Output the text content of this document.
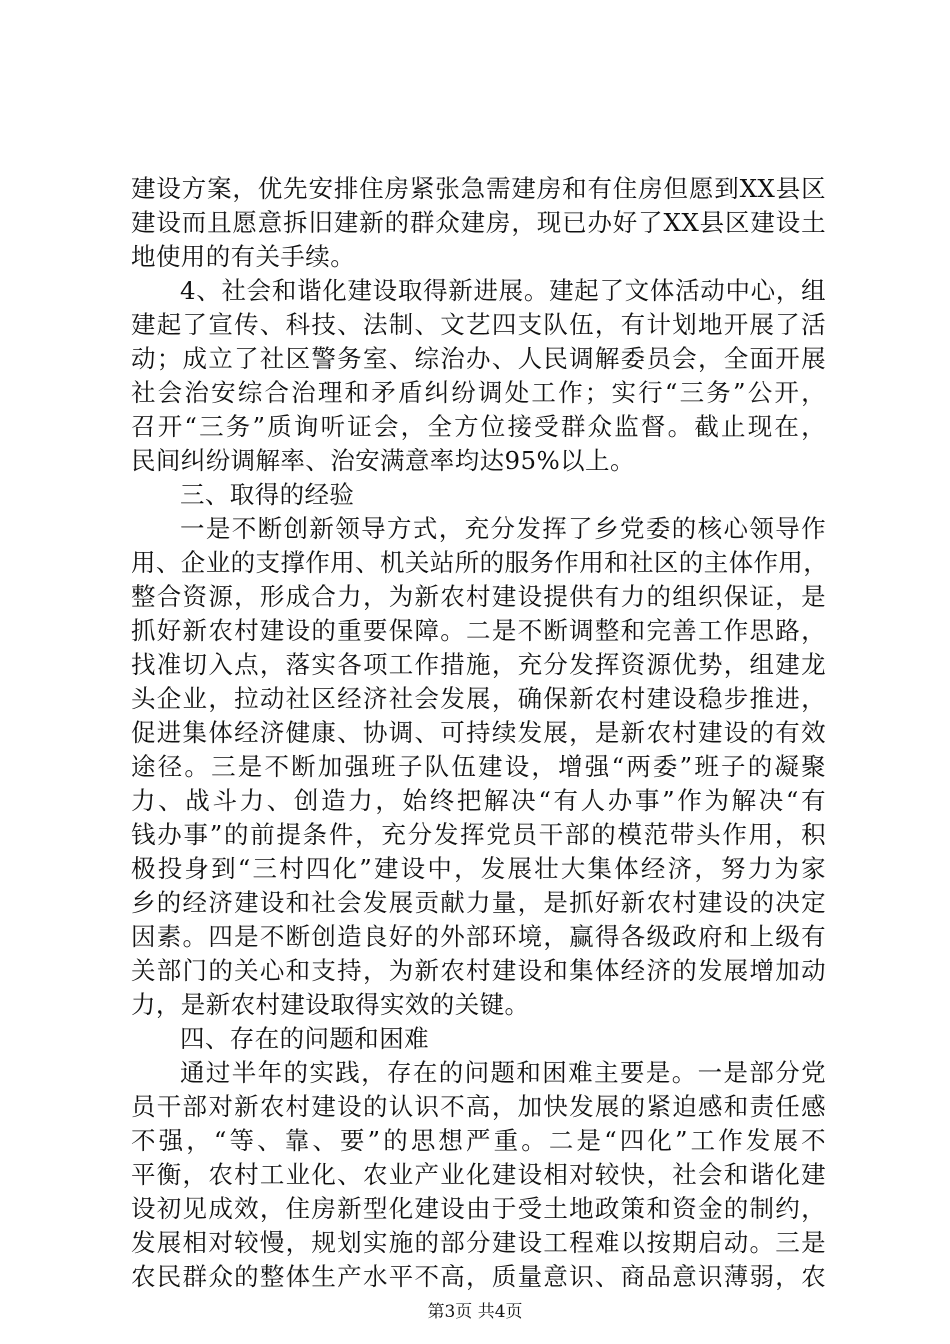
建设方案，优先安排住房紧张急需建房和有住房但愿到XX县区
建设而且愿意拆旧建新的群众建房，现已办好了XX县区建设土
地使用的有关手续。
4、社会和谐化建设取得新进展。建起了文体活动中心，组
建起了宣传、科技、法制、文艺四支队伍，有计划地开展了活
动；成立了社区警务室、综治办、人民调解委员会，全面开展
社会治安综合治理和矛盾纠纷调处工作；实行“三务”公开，
召开“三务”质询听证会，全方位接受群众监督。截止现在，
民间纠纷调解率、治安满意率均达95%以上。
三、取得的经验
一是不断创新领导方式，充分发挥了乡党委的核心领导作
用、企业的支撑作用、机关站所的服务作用和社区的主体作用，
整合资源，形成合力，为新农村建设提供有力的组织保证，是
抓好新农村建设的重要保障。二是不断调整和完善工作思路，
找准切入点，落实各项工作措施，充分发挥资源优势，组建龙
头企业，拉动社区经济社会发展，确保新农村建设稳步推进，
促进集体经济健康、协调、可持续发展，是新农村建设的有效
途径。三是不断加强班子队伍建设，增强“两委”班子的凝聚
力、战斗力、创造力，始终把解决“有人办事”作为解决“有
钱办事”的前提条件，充分发挥党员干部的模范带头作用，积
极投身到“三村四化”建设中，发展壮大集体经济，努力为家
乡的经济建设和社会发展贡献力量，是抓好新农村建设的决定
因素。四是不断创造良好的外部环境，赢得各级政府和上级有
关部门的关心和支持，为新农村建设和集体经济的发展增加动
力，是新农村建设取得实效的关键。
四、存在的问题和困难
通过半年的实践，存在的问题和困难主要是。一是部分党
员干部对新农村建设的认识不高，加快发展的紧迫感和责任感
不强，“等、靠、要”的思想严重。二是“四化”工作发展不
平衡，农村工业化、农业产业化建设相对较快，社会和谐化建
设初见成效，住房新型化建设由于受土地政策和资金的制约，
发展相对较慢，规划实施的部分建设工程难以按期启动。三是
农民群众的整体生产水平不高，质量意识、商品意识薄弱，农
第3页 共4页
